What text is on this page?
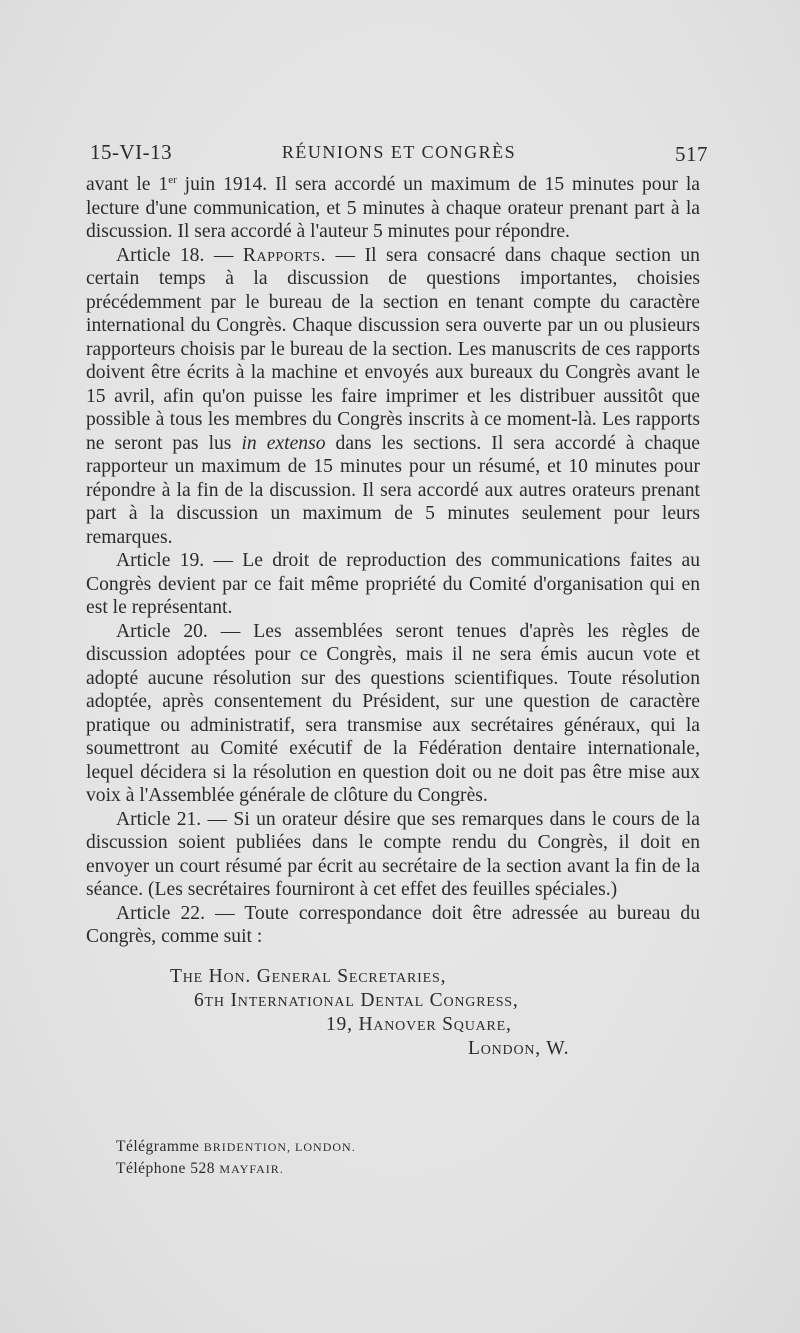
15-VI-13	RÉUNIONS ET CONGRÈS	517

avant le 1er juin 1914. Il sera accordé un maximum de 15 minutes pour la lecture d'une communication, et 5 minutes à chaque orateur prenant part à la discussion. Il sera accordé à l'auteur 5 minutes pour répondre.

Article 18. — Rapports. — Il sera consacré dans chaque section un certain temps à la discussion de questions importantes, choisies précédemment par le bureau de la section en tenant compte du caractère international du Congrès. Chaque discussion sera ouverte par un ou plusieurs rapporteurs choisis par le bureau de la section. Les manuscrits de ces rapports doivent être écrits à la machine et envoyés aux bureaux du Congrès avant le 15 avril, afin qu'on puisse les faire imprimer et les distribuer aussitôt que possible à tous les membres du Congrès inscrits à ce moment-là. Les rapports ne seront pas lus in extenso dans les sections. Il sera accordé à chaque rapporteur un maximum de 15 minutes pour un résumé, et 10 minutes pour répondre à la fin de la discussion. Il sera accordé aux autres orateurs prenant part à la discussion un maximum de 5 minutes seulement pour leurs remarques.

Article 19. — Le droit de reproduction des communications faites au Congrès devient par ce fait même propriété du Comité d'organisation qui en est le représentant.

Article 20. — Les assemblées seront tenues d'après les règles de discussion adoptées pour ce Congrès, mais il ne sera émis aucun vote et adopté aucune résolution sur des questions scientifiques. Toute résolution adoptée, après consentement du Président, sur une question de caractère pratique ou administratif, sera transmise aux secrétaires généraux, qui la soumettront au Comité exécutif de la Fédération dentaire internationale, lequel décidera si la résolution en question doit ou ne doit pas être mise aux voix à l'Assemblée générale de clôture du Congrès.

Article 21. — Si un orateur désire que ses remarques dans le cours de la discussion soient publiées dans le compte rendu du Congrès, il doit en envoyer un court résumé par écrit au secrétaire de la section avant la fin de la séance. (Les secrétaires fourniront à cet effet des feuilles spéciales.)

Article 22. — Toute correspondance doit être adressée au bureau du Congrès, comme suit :

The Hon. General Secretaries,
6th International Dental Congress,
19, Hanover Square,
London, W.
Télégramme BRIDENTION, LONDON.
Téléphone 528 MAYFAIR.
